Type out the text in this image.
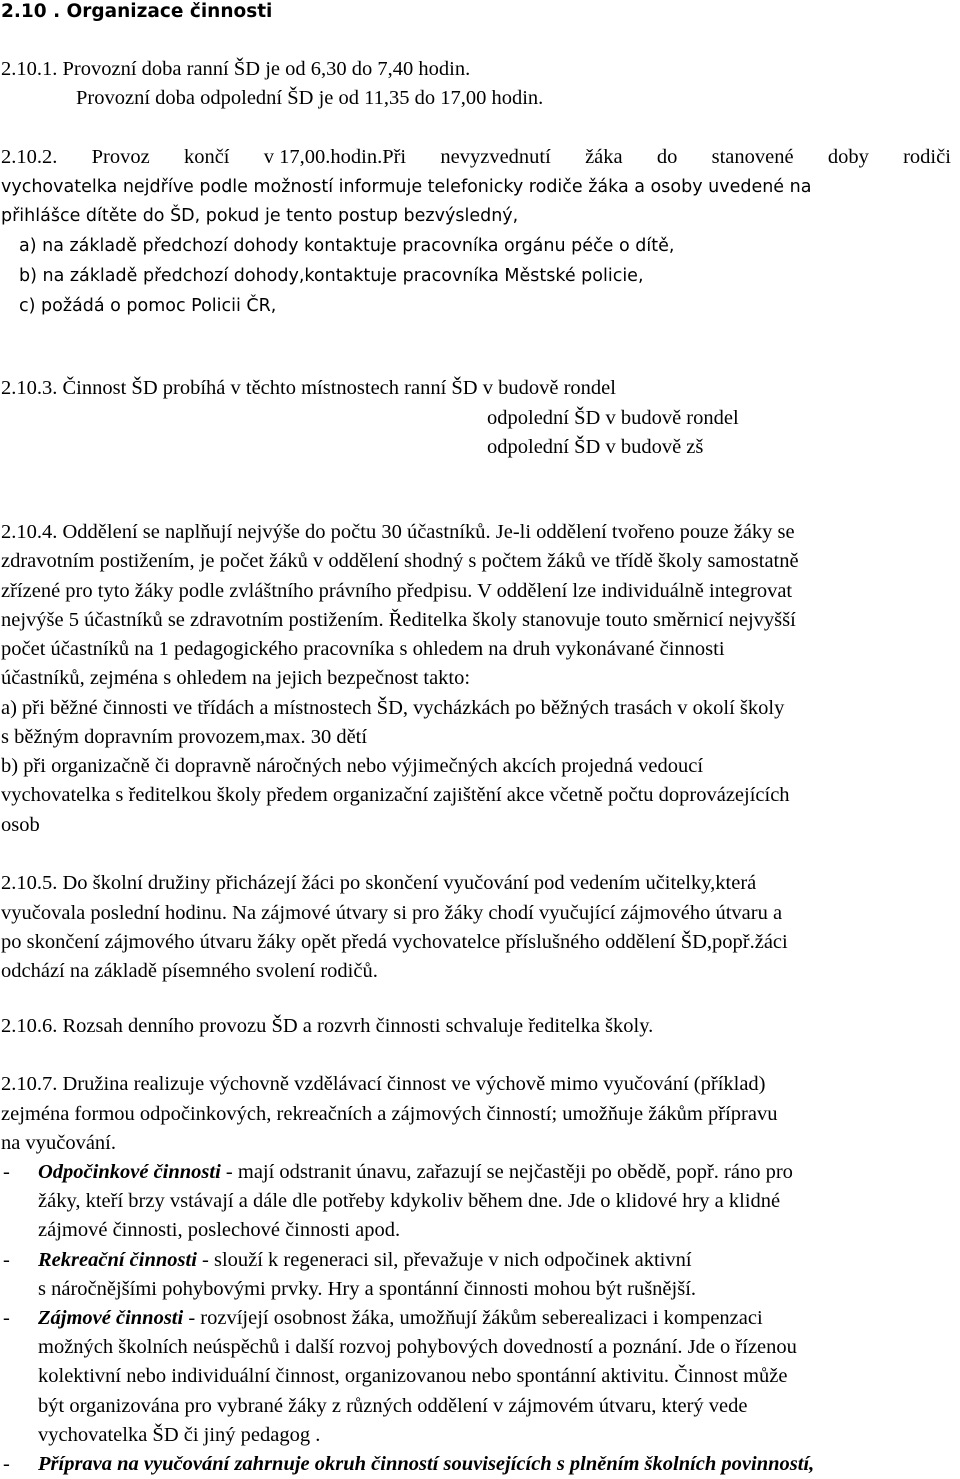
2.10 . Organizace činnosti
2.10.1. Provozní doba ranní ŠD je od 6,30 do 7,40 hodin.
Provozní doba odpolední ŠD je od 11,35 do 17,00 hodin.
2.10.2. Provoz končí v 17,00.hodin.Při nevyzvednutí žáka do stanovené doby rodiči
vychovatelka nejdříve podle možností informuje telefonicky rodiče žáka a osoby uvedené na
přihlášce dítěte do ŠD, pokud je tento postup bezvýsledný,
a) na základě předchozí dohody kontaktuje pracovníka orgánu péče o dítě,
b) na základě předchozí dohody,kontaktuje pracovníka Městské policie,
c) požádá o pomoc Policii ČR,
2.10.3. Činnost ŠD probíhá v těchto místnostech ranní ŠD v budově rondel
odpolední ŠD v budově rondel
odpolední ŠD v budově zš
2.10.4. Oddělení se naplňují nejvýše do počtu 30 účastníků. Je-li oddělení tvořeno pouze žáky se
zdravotním postižením, je počet žáků v oddělení shodný s počtem žáků ve třídě školy samostatně
zřízené pro tyto žáky podle zvláštního právního předpisu. V oddělení lze individuálně integrovat
nejvýše 5 účastníků se zdravotním postižením. Ředitelka školy stanovuje touto směrnicí nejvyšší
počet účastníků na 1 pedagogického pracovníka s ohledem na druh vykonávané činnosti
účastníků, zejména s ohledem na jejich bezpečnost takto:
a) při běžné činnosti ve třídách a místnostech ŠD, vycházkách po běžných trasách v okolí školy
s běžným dopravním provozem,max. 30 dětí
b) při organizačně či dopravně náročných nebo výjimečných akcích projedná vedoucí
vychovatelka s ředitelkou školy předem organizační zajištění akce včetně počtu doprovázejících
osob
2.10.5. Do školní družiny přicházejí žáci po skončení vyučování pod vedením učitelky,která
vyučovala poslední hodinu. Na zájmové útvary si pro žáky chodí vyučující zájmového útvaru a
po skončení zájmového útvaru žáky opět předá vychovatelce příslušného oddělení ŠD,popř.žáci
odchází na základě písemného svolení rodičů.
2.10.6. Rozsah denního provozu ŠD a rozvrh činnosti schvaluje ředitelka školy.
2.10.7. Družina realizuje výchovně vzdělávací činnost ve výchově mimo vyučování (příklad)
zejména formou odpočinkových, rekreačních a zájmových činností; umožňuje žákům přípravu
na vyučování.
- Odpočinkové činnosti - mají odstranit únavu, zařazují se nejčastěji po obědě, popř. ráno pro
žáky, kteří brzy vstávají a dále dle potřeby kdykoliv během dne. Jde o klidové hry a klidné
zájmové činnosti, poslechové činnosti apod.
- Rekreační činnosti - slouží k regeneraci sil, převažuje v nich odpočinek aktivní
s náročnějšími pohybovými prvky. Hry a spontánní činnosti mohou být rušnější.
- Zájmové činnosti - rozvíjejí osobnost žáka, umožňují žákům seberealizaci i kompenzaci
možných školních neúspěchů i další rozvoj pohybových dovedností a poznání. Jde o řízenou
kolektivní nebo individuální činnost, organizovanou nebo spontánní aktivitu. Činnost může
být organizována pro vybrané žáky z různých oddělení v zájmovém útvaru, který vede
vychovatelka ŠD či jiný pedagog .
- Příprava na vyučování zahrnuje okruh činností souvisejících s plněním školních povinností,
